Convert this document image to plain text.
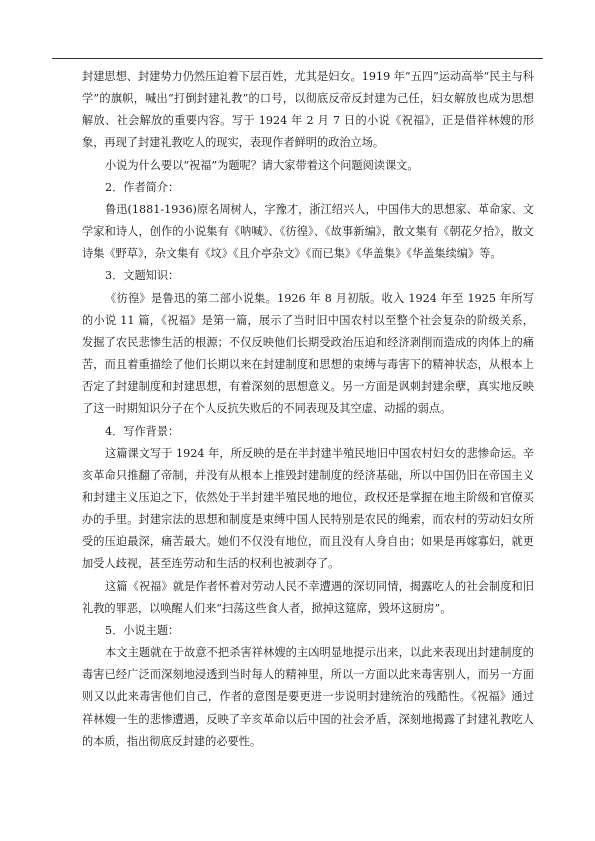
封建思想、封建势力仍然压迫着下层百姓，尤其是妇女。1919 年“五四”运动高举“民主与科学”的旗帜，喊出“打倒封建礼教”的口号，以彻底反帝反封建为己任，妇女解放也成为思想解放、社会解放的重要内容。写于 1924 年 2 月 7 日的小说《祝福》，正是借祥林嫂的形象，再现了封建礼教吃人的现实，表现作者鲜明的政治立场。

小说为什么要以“祝福”为题呢？请大家带着这个问题阅读课文。

2．作者简介：

鲁迅(1881-1936)原名周树人，字豫才，浙江绍兴人，中国伟大的思想家、革命家、文学家和诗人，创作的小说集有《呐喊》、《彷徨》、《故事新编》，散文集有《朝花夕拾》，散文诗集《野草》，杂文集有《坟》《且介亭杂文》《而已集》《华盖集》《华盖集续编》等。

3．文题知识：

《彷徨》是鲁迅的第二部小说集。1926 年 8 月初版。收入 1924 年至 1925 年所写的小说 11 篇，《祝福》是第一篇，展示了当时旧中国农村以至整个社会复杂的阶级关系，发掘了农民悲惨生活的根源；不仅反映他们长期受政治压迫和经济剥削而造成的肉体上的痛苦，而且着重描绘了他们长期以来在封建制度和思想的束缚与毒害下的精神状态，从根本上否定了封建制度和封建思想，有着深刻的思想意义。另一方面是讽刺封建余孽，真实地反映了这一时期知识分子在个人反抗失败后的不同表现及其空虚、动摇的弱点。

4．写作背景：

这篇课文写于 1924 年，所反映的是在半封建半殖民地旧中国农村妇女的悲惨命运。辛亥革命只推翻了帝制，并没有从根本上推毁封建制度的经济基础，所以中国仍旧在帝国主义和封建主义压迫之下，依然处于半封建半殖民地的地位，政权还是掌握在地主阶级和官僚买办的手里。封建宗法的思想和制度是束缚中国人民特别是农民的绳索，而农村的劳动妇女所受的压迫最深，痛苦最大。她们不仅没有地位，而且没有人身自由；如果是再嫁寡妇，就更加受人歧视，甚至连劳动和生活的权利也被剥夺了。

这篇《祝福》就是作者怀着对劳动人民不幸遭遇的深切同情，揭露吃人的社会制度和旧礼教的罪恶，以唤醒人们来“扫荡这些食人者，掀掉这筵席，毁坏这厨房”。

5．小说主题：

本文主题就在于故意不把杀害祥林嫂的主凶明显地提示出来，以此来表现出封建制度的毒害已经广泛而深刻地浸透到当时每人的精神里，所以一方面以此来毒害别人，而另一方面则又以此来毒害他们自己，作者的意图是要更进一步说明封建统治的残酷性。《祝福》通过祥林嫂一生的悲惨遭遇，反映了辛亥革命以后中国的社会矛盾，深刻地揭露了封建礼教吃人的本质，指出彻底反封建的必要性。
